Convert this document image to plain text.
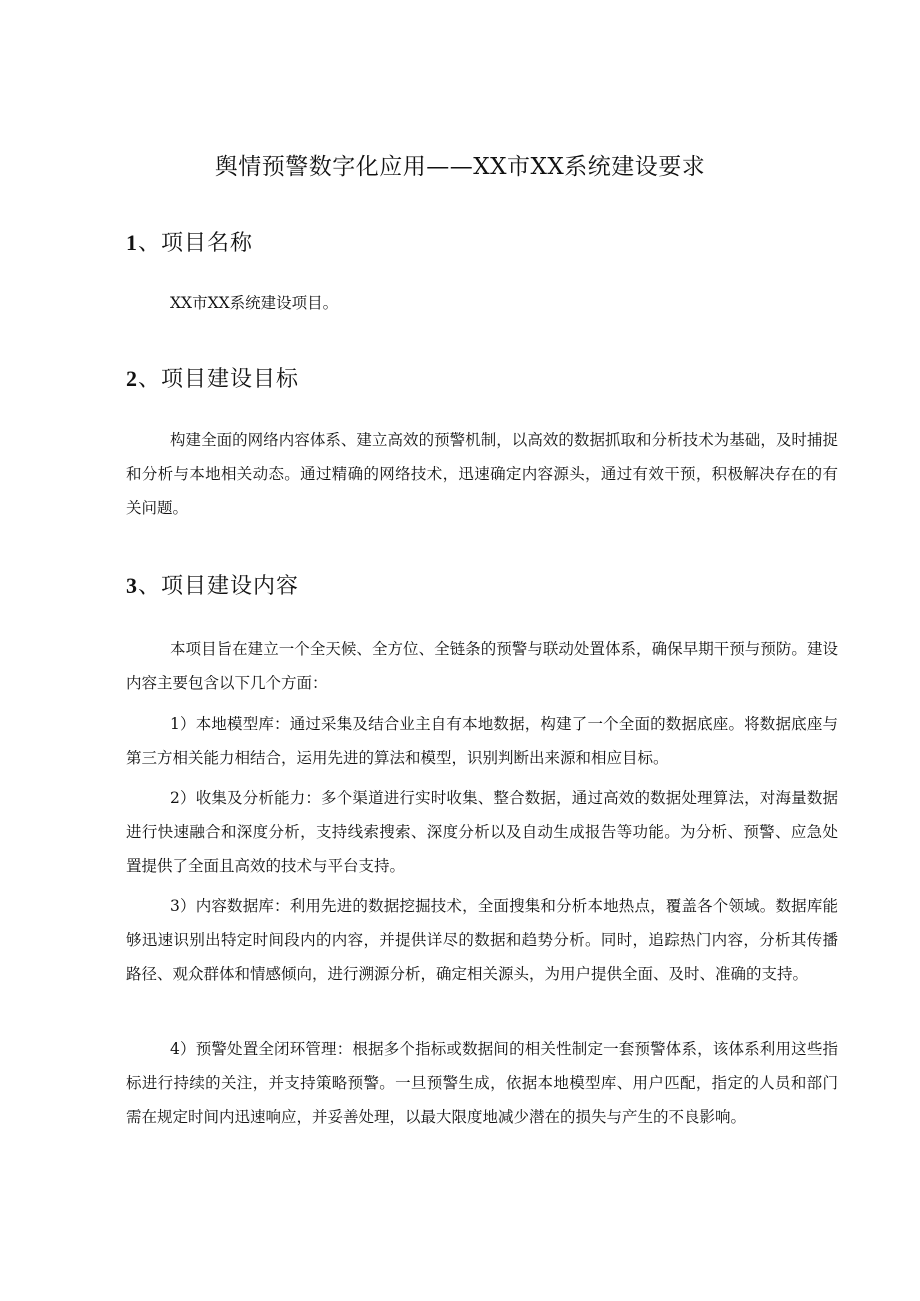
舆情预警数字化应用——XX市XX系统建设要求
1、项目名称

XX市XX系统建设项目。

2、项目建设目标

构建全面的网络内容体系、建立高效的预警机制，以高效的数据抓取和分析技术为基础，及时捕捉和分析与本地相关动态。通过精确的网络技术，迅速确定内容源头，通过有效干预，积极解决存在的有关问题。

3、项目建设内容

本项目旨在建立一个全天候、全方位、全链条的预警与联动处置体系，确保早期干预与预防。建设内容主要包含以下几个方面：

1）本地模型库：通过采集及结合业主自有本地数据，构建了一个全面的数据底座。将数据底座与第三方相关能力相结合，运用先进的算法和模型，识别判断出来源和相应目标。

2）收集及分析能力：多个渠道进行实时收集、整合数据，通过高效的数据处理算法，对海量数据进行快速融合和深度分析，支持线索搜索、深度分析以及自动生成报告等功能。为分析、预警、应急处置提供了全面且高效的技术与平台支持。

3）内容数据库：利用先进的数据挖掘技术，全面搜集和分析本地热点，覆盖各个领域。数据库能够迅速识别出特定时间段内的内容，并提供详尽的数据和趋势分析。同时，追踪热门内容，分析其传播路径、观众群体和情感倾向，进行溯源分析，确定相关源头，为用户提供全面、及时、准确的支持。

4）预警处置全闭环管理：根据多个指标或数据间的相关性制定一套预警体系，该体系利用这些指标进行持续的关注，并支持策略预警。一旦预警生成，依据本地模型库、用户匹配，指定的人员和部门需在规定时间内迅速响应，并妥善处理，以最大限度地减少潜在的损失与产生的不良影响。
